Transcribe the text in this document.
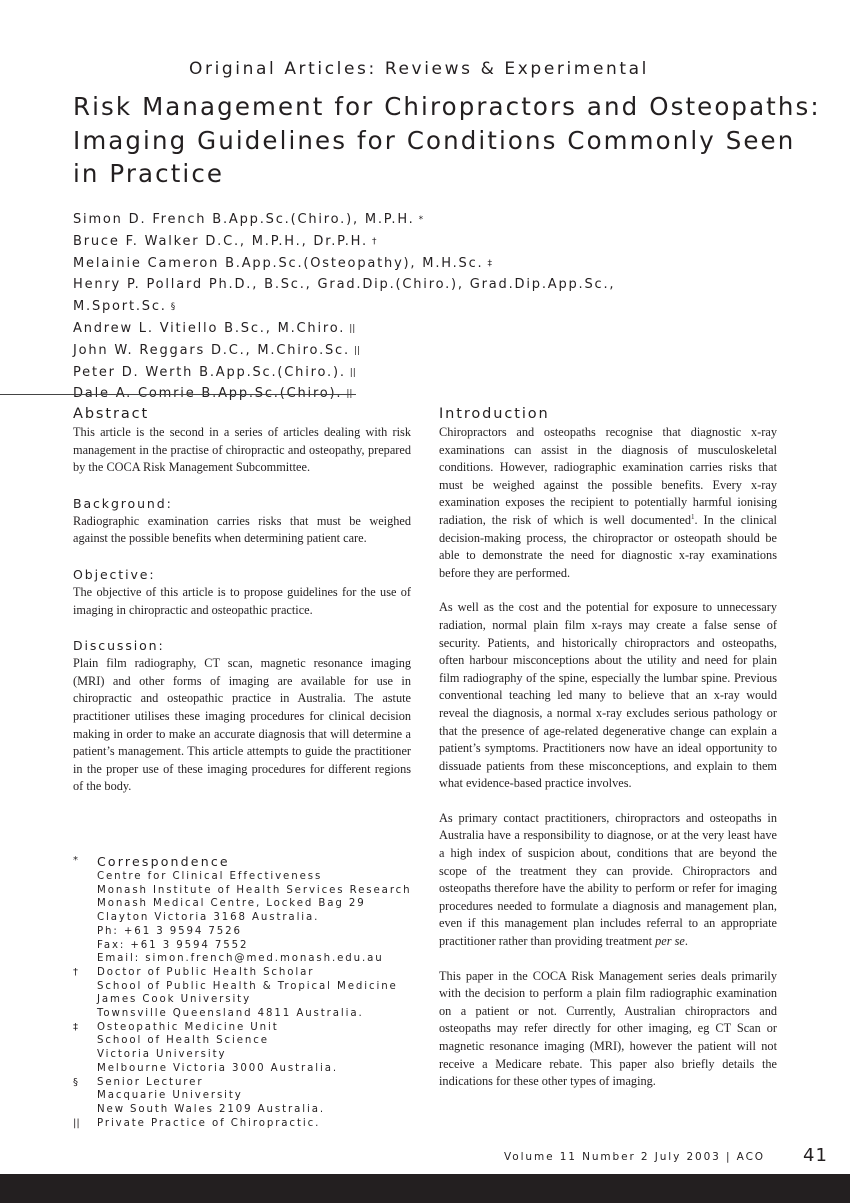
Original Articles: Reviews & Experimental
Risk Management for Chiropractors and Osteopaths:
Imaging Guidelines for Conditions Commonly Seen
in Practice
Simon D. French B.App.Sc.(Chiro.), M.P.H. *
Bruce F. Walker D.C., M.P.H., Dr.P.H. †
Melainie Cameron B.App.Sc.(Osteopathy), M.H.Sc. ‡
Henry P. Pollard Ph.D., B.Sc., Grad.Dip.(Chiro.), Grad.Dip.App.Sc.,
M.Sport.Sc. §
Andrew L. Vitiello B.Sc., M.Chiro. ||
John W. Reggars D.C., M.Chiro.Sc. ||
Peter D. Werth B.App.Sc.(Chiro.). ||
Dale A. Comrie B.App.Sc.(Chiro). ||
Abstract

This article is the second in a series of articles dealing with risk management in the practise of chiropractic and osteopathy, prepared by the COCA Risk Management Subcommittee.

Background:

Radiographic examination carries risks that must be weighed against the possible benefits when determining patient care.

Objective:

The objective of this article is to propose guidelines for the use of imaging in chiropractic and osteopathic practice.

Discussion:

Plain film radiography, CT scan, magnetic resonance imaging (MRI) and other forms of imaging are available for use in chiropractic and osteopathic practice in Australia. The astute practitioner utilises these imaging procedures for clinical decision making in order to make an accurate diagnosis that will determine a patient’s management. This article attempts to guide the practitioner in the proper use of these imaging procedures for different regions of the body.

Introduction

Chiropractors and osteopaths recognise that diagnostic x-ray examinations can assist in the diagnosis of musculoskeletal conditions. However, radiographic examination carries risks that must be weighed against the possible benefits. Every x-ray examination exposes the recipient to potentially harmful ionising radiation, the risk of which is well documented$^1$. In the clinical decision-making process, the chiropractor or osteopath should be able to demonstrate the need for diagnostic x-ray examinations before they are performed.

As well as the cost and the potential for exposure to unnecessary radiation, normal plain film x-rays may create a false sense of security. Patients, and historically chiropractors and osteopaths, often harbour misconceptions about the utility and need for plain film radiography of the spine, especially the lumbar spine. Previous conventional teaching led many to believe that an x-ray would reveal the diagnosis, a normal x-ray excludes serious pathology or that the presence of age-related degenerative change can explain a patient’s symptoms. Practitioners now have an ideal opportunity to dissuade patients from these misconceptions, and explain to them what evidence-based practice involves.

As primary contact practitioners, chiropractors and osteopaths in Australia have a responsibility to diagnose, or at the very least have a high index of suspicion about, conditions that are beyond the scope of the treatment they can provide. Chiropractors and osteopaths therefore have the ability to perform or refer for imaging procedures needed to formulate a diagnosis and management plan, even if this management plan includes referral to an appropriate practitioner rather than providing treatment per se.

This paper in the COCA Risk Management series deals primarily with the decision to perform a plain film radiographic examination on a patient or not. Currently, Australian chiropractors and osteopaths may refer directly for other imaging, eg CT Scan or magnetic resonance imaging (MRI), however the patient will not receive a Medicare rebate. This paper also briefly details the indications for these other types of imaging.

*	Correspondence
Centre for Clinical Effectiveness
Monash Institute of Health Services Research
Monash Medical Centre, Locked Bag 29
Clayton Victoria 3168 Australia.
Ph: +61 3 9594 7526
Fax: +61 3 9594 7552
Email: simon.french@med.monash.edu.au
†	Doctor of Public Health Scholar
School of Public Health & Tropical Medicine
James Cook University
Townsville Queensland 4811 Australia.
‡	Osteopathic Medicine Unit
School of Health Science
Victoria University
Melbourne Victoria 3000 Australia.
§	Senior Lecturer
Macquarie University
New South Wales 2109 Australia.
||	Private Practice of Chiropractic.
Volume 11 Number 2 July 2003 | ACO 41
